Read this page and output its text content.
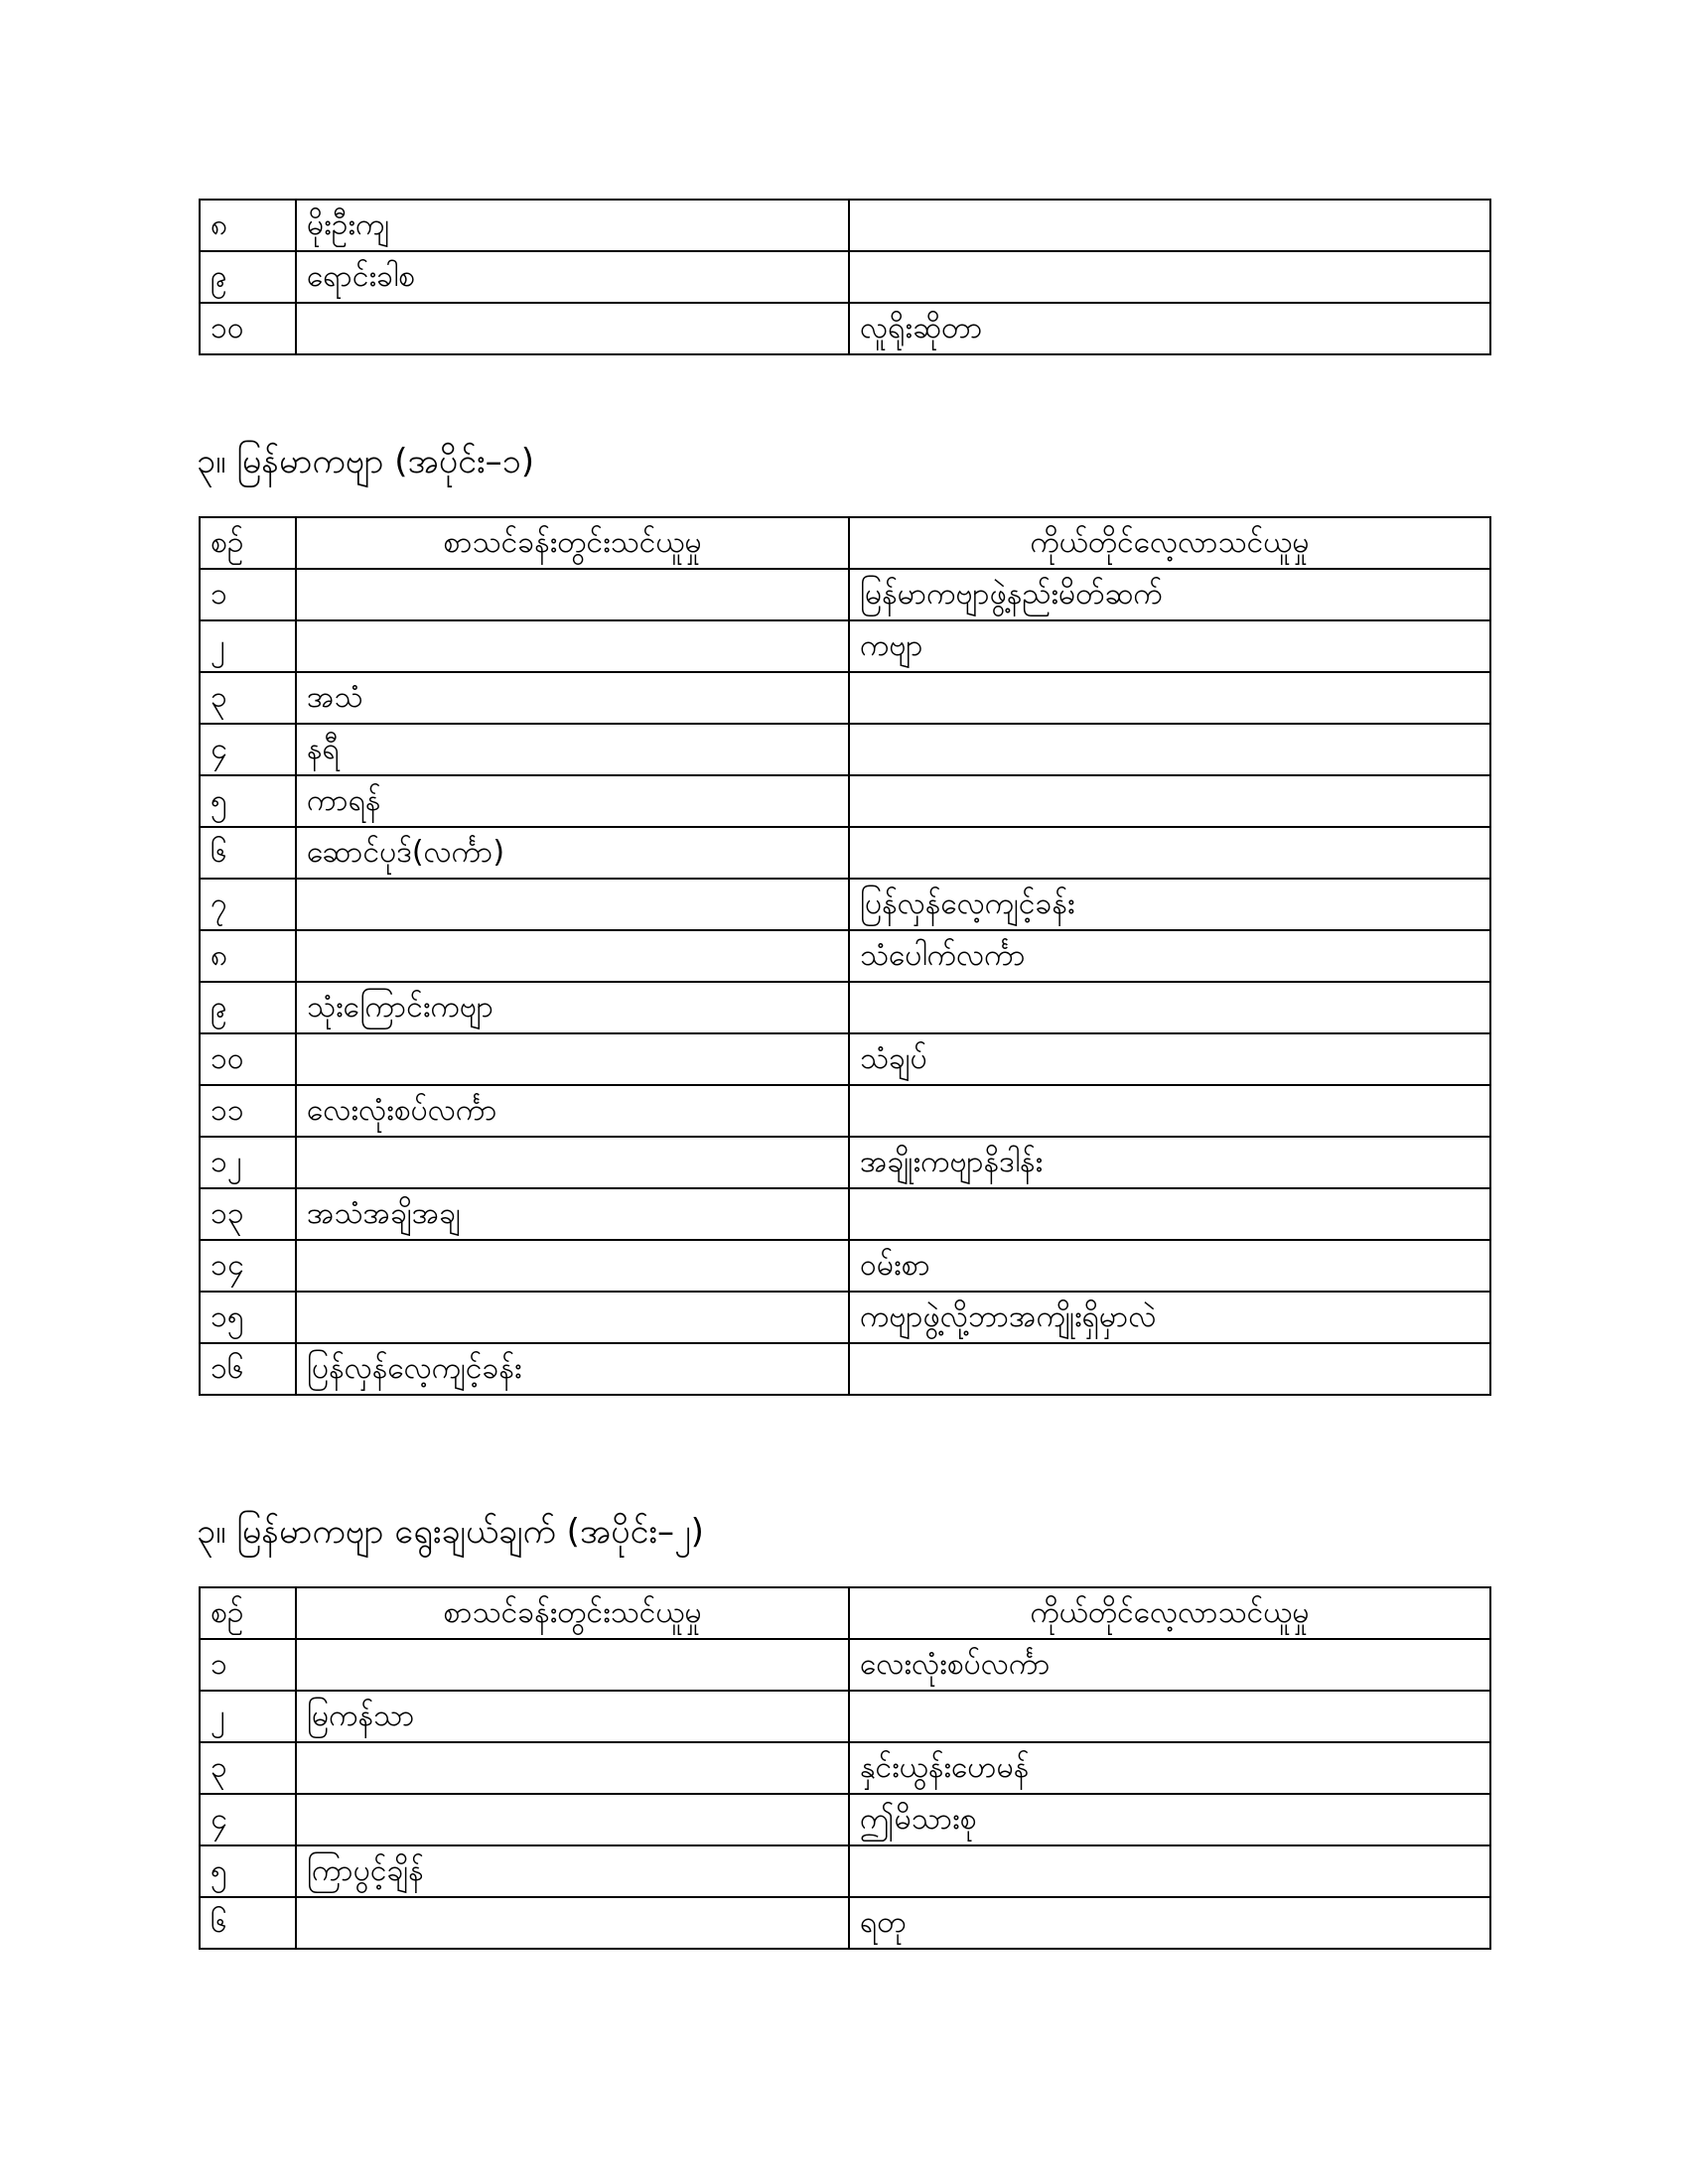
၈	မိုးဦးကျ	
၉	ရောင်းခါစ	
၁၀		လူရိုးဆိုတာ
၃။ မြန်မာကဗျာ (အပိုင်း–၁)
စဉ်	စာသင်ခန်းတွင်းသင်ယူမှု	ကိုယ်တိုင်လေ့လာသင်ယူမှု
၁		မြန်မာကဗျာဖွဲ့နည်းမိတ်ဆက်
၂		ကဗျာ
၃	အသံ	
၄	နရီ	
၅	ကာရန်	
၆	ဆောင်ပုဒ်(လင်္ကာ)	
၇		ပြန်လှန်လေ့ကျင့်ခန်း
၈		သံပေါက်လင်္ကာ
၉	သုံးကြောင်းကဗျာ	
၁၀		သံချပ်
၁၁	လေးလုံးစပ်လင်္ကာ	
၁၂		အချိုးကဗျာနိဒါန်း
၁၃	အသံအချိအချ	
၁၄		ဝမ်းစာ
၁၅		ကဗျာဖွဲ့လို့ဘာအကျိုးရှိမှာလဲ
၁၆	ပြန်လှန်လေ့ကျင့်ခန်း	
၃။ မြန်မာကဗျာ ရွေးချယ်ချက် (အပိုင်း–၂)
စဉ်	စာသင်ခန်းတွင်းသင်ယူမှု	ကိုယ်တိုင်လေ့လာသင်ယူမှု
၁		လေးလုံးစပ်လင်္ကာ
၂	မြကန်သာ	
၃		နှင်းယွန်းဟေမန်
၄		ဤမိသားစု
၅	ကြာပွင့်ချိန်	
၆		ရတု
